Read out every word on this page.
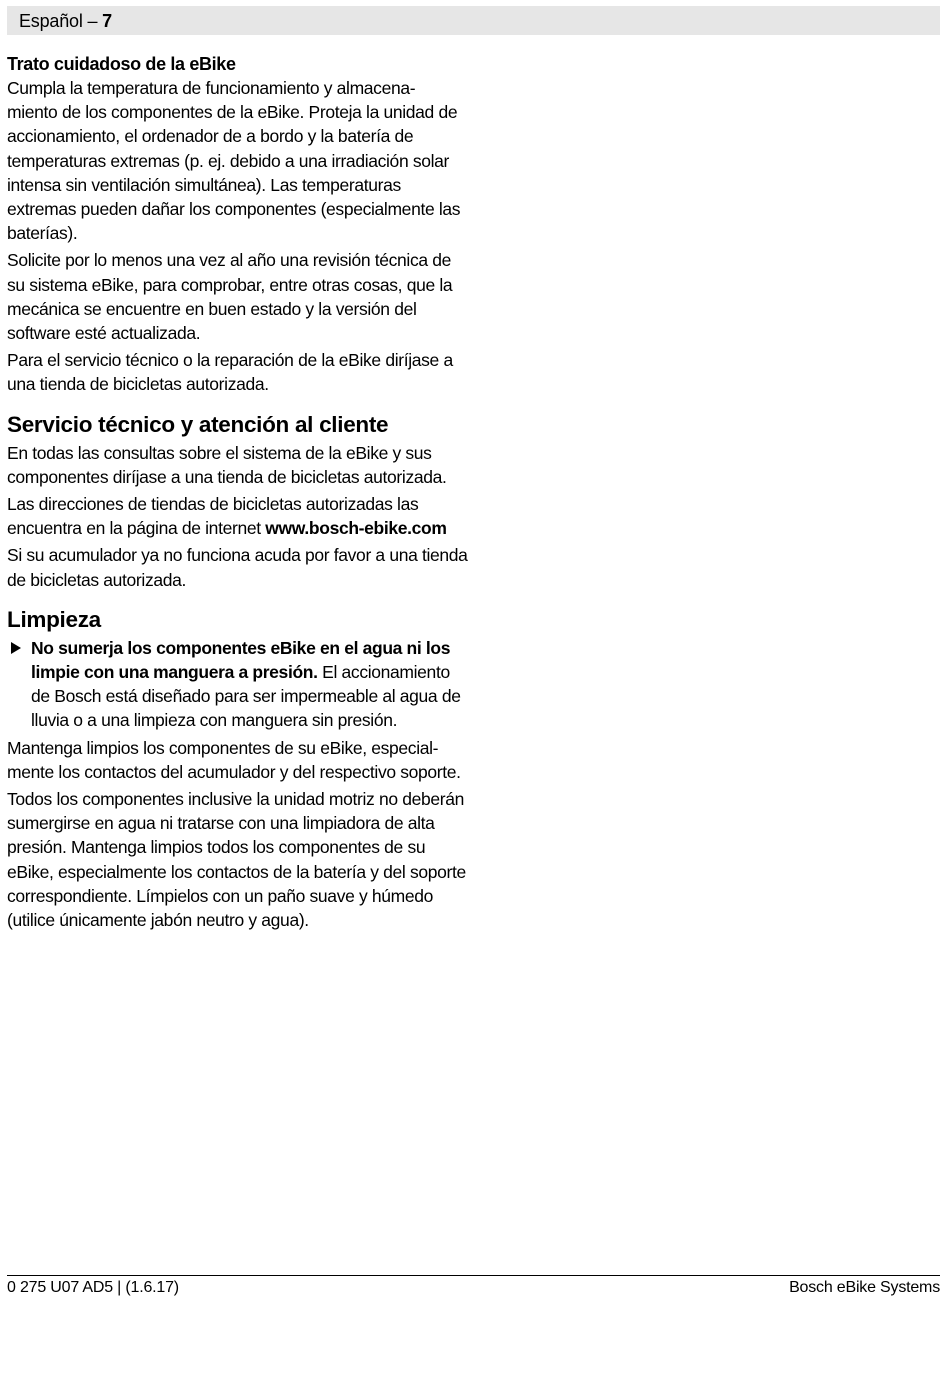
Español – 7
Trato cuidadoso de la eBike

Cumpla la temperatura de funcionamiento y almacena- miento de los componentes de la eBike. Proteja la unidad de accionamiento, el ordenador de a bordo y la batería de temperaturas extremas (p. ej. debido a una irradiación solar intensa sin ventilación simultánea). Las temperaturas extremas pueden dañar los componentes (especialmente las baterías).

Solicite por lo menos una vez al año una revisión técnica de su sistema eBike, para comprobar, entre otras cosas, que la mecánica se encuentre en buen estado y la versión del software esté actualizada.

Para el servicio técnico o la reparación de la eBike diríjase a una tienda de bicicletas autorizada.

Servicio técnico y atención al cliente

En todas las consultas sobre el sistema de la eBike y sus componentes diríjase a una tienda de bicicletas autorizada.

Las direcciones de tiendas de bicicletas autorizadas las encuentra en la página de internet www.bosch-ebike.com

Si su acumulador ya no funciona acuda por favor a una tienda de bicicletas autorizada.

Limpieza
No sumerja los componentes eBike en el agua ni los limpie con una manguera a presión. El accionamiento de Bosch está diseñado para ser impermeable al agua de lluvia o a una limpieza con manguera sin presión.

Mantenga limpios los componentes de su eBike, especial- mente los contactos del acumulador y del respectivo soporte.

Todos los componentes inclusive la unidad motriz no deberán sumergirse en agua ni tratarse con una limpiadora de alta presión. Mantenga limpios todos los componentes de su eBike, especialmente los contactos de la batería y del soporte correspondiente. Límpielos con un paño suave y húmedo (utilice únicamente jabón neutro y agua).

0 275 U07 AD5 | (1.6.17)	Bosch eBike Systems
